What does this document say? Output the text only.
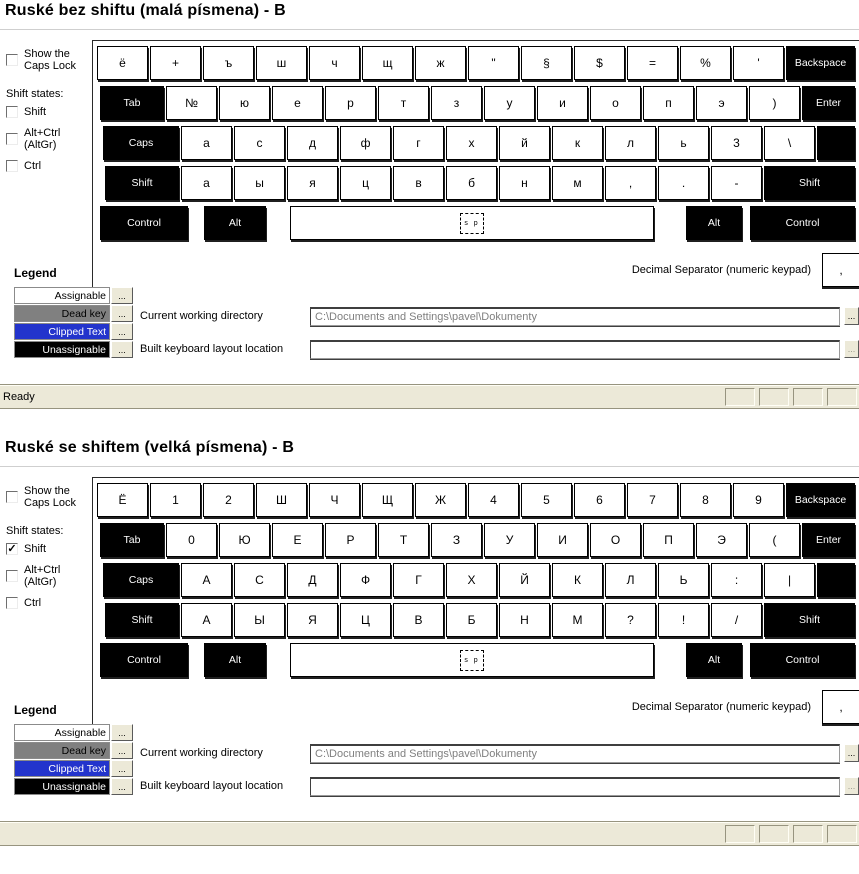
Ruské bez shiftu (malá písmena) - B
Show the Caps Lock
Shift states:
Shift
Alt+Ctrl (AltGr)
Ctrl
ё	+	ъ	ш	ч	щ	ж	"	§	$	=	%	'	Backspace
Tab	№	ю	е	р	т	з	у	и	о	п	э	)	Enter
Caps	а	с	д	ф	г	х	й	к	л	ь	3	\
Shift	а	ы	я	ц	в	б	н	м	,	.	-	Shift
Control	Alt	s p	Alt	Control
Decimal Separator (numeric keypad)	,
Legend
Assignable	...
Dead key	...
Clipped Text	...
Unassignable	...
Current working directory	C:\Documents and Settings\pavel\Dokumenty	...
Built keyboard layout location	...
Ready
Ruské se shiftem (velká písmena) - B
Show the Caps Lock
Shift states:
✓ Shift
Alt+Ctrl (AltGr)
Ctrl
Ё	1	2	Ш	Ч	Щ	Ж	4	5	6	7	8	9	Backspace
Tab	0	Ю	Е	Р	Т	З	У	И	О	П	Э	(	Enter
Caps	А	С	Д	Ф	Г	Х	Й	К	Л	Ь	:	|
Shift	А	Ы	Я	Ц	В	Б	Н	М	?	!	/	Shift
Control	Alt	s p	Alt	Control
Decimal Separator (numeric keypad)	,
Legend
Assignable	...
Dead key	...
Clipped Text	...
Unassignable	...
Current working directory	C:\Documents and Settings\pavel\Dokumenty	...
Built keyboard layout location	...
